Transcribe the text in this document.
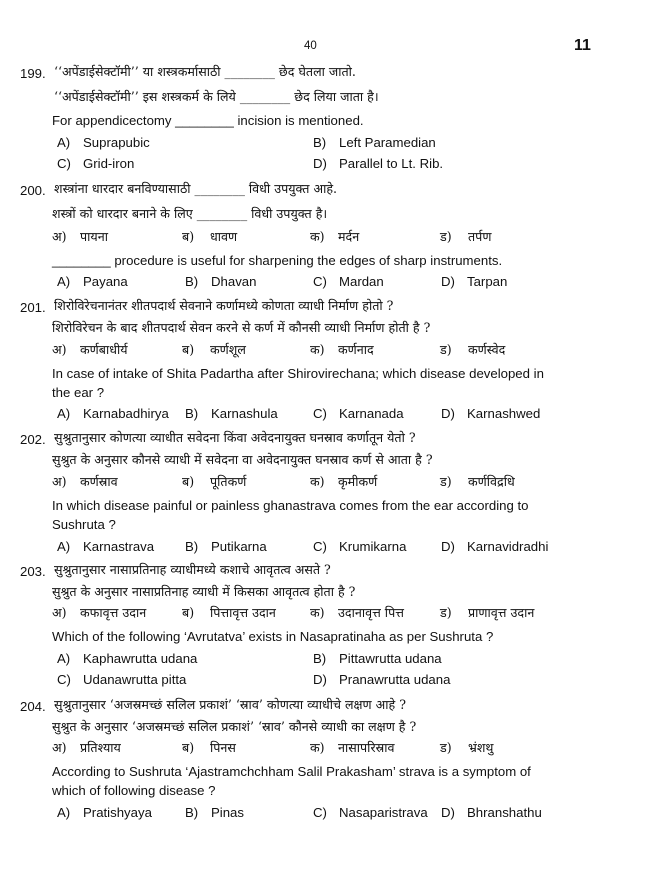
40	11
199. ‘‘अपेंडाईसेक्टॉमी’’ या शस्त्रकर्मासाठी ________ छेद घेतला जातो.
‘‘अपेंडाईसेक्टॉमी’’ इस शस्त्रकर्म के लिये ________ छेद लिया जाता है।
For appendicectomy ________ incision is mentioned.
A) Suprapubic	B) Left Paramedian
C) Grid-iron	D) Parallel to Lt. Rib.
200. शस्त्रांना धारदार बनविण्यासाठी ________ विधी उपयुक्त आहे.
शस्त्रों को धारदार बनाने के लिए ________ विधी उपयुक्त है।
अ) पायना	ब) धावण	क) मर्दन	ड) तर्पण
________ procedure is useful for sharpening the edges of sharp instruments.
A) Payana	B) Dhavan	C) Mardan	D) Tarpan
201. शिरोविरेचनानंतर शीतपदार्थ सेवनाने कर्णामध्ये कोणता व्याधी निर्माण होतो ?
शिरोविरेचन के बाद शीतपदार्थ सेवन करने से कर्ण में कौनसी व्याधी निर्माण होती है ?
अ) कर्णबाधीर्य	ब) कर्णशूल	क) कर्णनाद	ड) कर्णस्वेद
In case of intake of Shita Padartha after Shirovirechana; which disease developed in
the ear ?
A) Karnabadhirya B) Karnashula	C) Karnanada	D) Karnashwed
202. सुश्रुतानुसार कोणत्या व्याधीत सवेदना किंवा अवेदनायुक्त घनस्राव कर्णातून येतो ?
सुश्रुत के अनुसार कौनसे व्याधी में सवेदना वा अवेदनायुक्त घनस्राव कर्ण से आता है ?
अ) कर्णस्राव	ब) पूतिकर्ण	क) कृमीकर्ण	ड) कर्णविद्रधि
In which disease painful or painless ghanastrava comes from the ear according to
Sushruta ?
A) Karnastrava B) Putikarna	C) Krumikarna	D) Karnavidradhi
203. सुश्रुतानुसार नासाप्रतिनाह व्याधीमध्ये कशाचे आवृतत्व असते ?
सुश्रुत के अनुसार नासाप्रतिनाह व्याधी में किसका आवृतत्व होता है ?
अ) कफावृत्त उदान	ब) पित्तावृत्त उदान	क) उदानावृत्त पित्त	ड) प्राणावृत्त उदान
Which of the following ‘Avrutatva’ exists in Nasapratinaha as per Sushruta ?
A) Kaphawrutta udana	B) Pittawrutta udana
C) Udanawrutta pitta	D) Pranawrutta udana
204. सुश्रुतानुसार ‘अजस्रमच्छं सलिल प्रकाशं’ ‘स्राव’ कोणत्या व्याधीचे लक्षण आहे ?
सुश्रुत के अनुसार ‘अजस्रमच्छं सलिल प्रकाशं’ ‘स्राव’ कौनसे व्याधी का लक्षण है ?
अ) प्रतिश्याय	ब) पिनस	क) नासापरिस्राव	ड) भ्रंशथु
According to Sushruta ‘Ajastramchchham Salil Prakasham’ strava is a symptom of
which of following disease ?
A) Pratishyaya	B) Pinas	C) Nasaparistrava D) Bhranshathu
